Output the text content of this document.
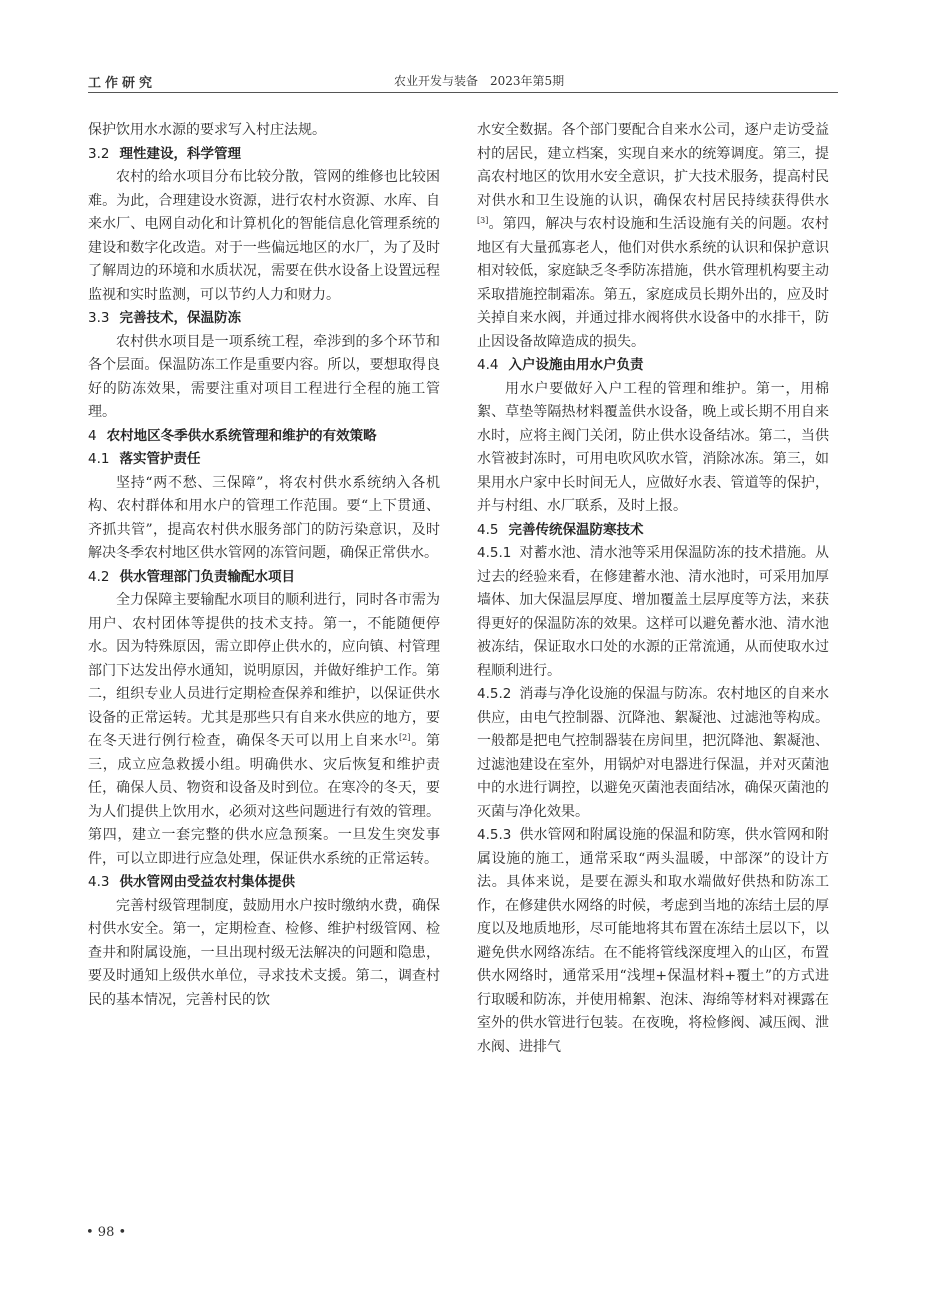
工作研究	农业开发与装备　2023年第5期

保护饮用水水源的要求写入村庄法规。

3.2 理性建设，科学管理

农村的给水项目分布比较分散，管网的维修也比较困难。为此，合理建设水资源，进行农村水资源、水库、自来水厂、电网自动化和计算机化的智能信息化管理系统的建设和数字化改造。对于一些偏远地区的水厂，为了及时了解周边的环境和水质状况，需要在供水设备上设置远程监视和实时监测，可以节约人力和财力。

3.3 完善技术，保温防冻

农村供水项目是一项系统工程，牵涉到的多个环节和各个层面。保温防冻工作是重要内容。所以，要想取得良好的防冻效果，需要注重对项目工程进行全程的施工管理。

4 农村地区冬季供水系统管理和维护的有效策略
4.1 落实管护责任

坚持“两不愁、三保障”，将农村供水系统纳入各机构、农村群体和用水户的管理工作范围。要“上下贯通、齐抓共管”，提高农村供水服务部门的防污染意识，及时解决冬季农村地区供水管网的冻管问题，确保正常供水。

4.2 供水管理部门负责输配水项目

全力保障主要输配水项目的顺利进行，同时各市需为用户、农村团体等提供的技术支持。第一，不能随便停水。因为特殊原因，需立即停止供水的，应向镇、村管理部门下达发出停水通知，说明原因，并做好维护工作。第二，组织专业人员进行定期检查保养和维护，以保证供水设备的正常运转。尤其是那些只有自来水供应的地方，要在冬天进行例行检查，确保冬天可以用上自来水[2]。第三，成立应急救援小组。明确供水、灾后恢复和维护责任，确保人员、物资和设备及时到位。在寒冷的冬天，要为人们提供上饮用水，必须对这些问题进行有效的管理。第四，建立一套完整的供水应急预案。一旦发生突发事件，可以立即进行应急处理，保证供水系统的正常运转。

4.3 供水管网由受益农村集体提供

完善村级管理制度，鼓励用水户按时缴纳水费，确保村供水安全。第一，定期检查、检修、维护村级管网、检查井和附属设施，一旦出现村级无法解决的问题和隐患，要及时通知上级供水单位，寻求技术支援。第二，调查村民的基本情况，完善村民的饮

水安全数据。各个部门要配合自来水公司，逐户走访受益村的居民，建立档案，实现自来水的统筹调度。第三，提高农村地区的饮用水安全意识，扩大技术服务，提高村民对供水和卫生设施的认识，确保农村居民持续获得供水[3]。第四，解决与农村设施和生活设施有关的问题。农村地区有大量孤寡老人，他们对供水系统的认识和保护意识相对较低，家庭缺乏冬季防冻措施，供水管理机构要主动采取措施控制霜冻。第五，家庭成员长期外出的，应及时关掉自来水阀，并通过排水阀将供水设备中的水排干，防止因设备故障造成的损失。

4.4 入户设施由用水户负责

用水户要做好入户工程的管理和维护。第一，用棉絮、草垫等隔热材料覆盖供水设备，晚上或长期不用自来水时，应将主阀门关闭，防止供水设备结冰。第二，当供水管被封冻时，可用电吹风吹水管，消除冰冻。第三，如果用水户家中长时间无人，应做好水表、管道等的保护，并与村组、水厂联系，及时上报。

4.5 完善传统保温防寒技术

4.5.1 对蓄水池、清水池等采用保温防冻的技术措施。从过去的经验来看，在修建蓄水池、清水池时，可采用加厚墙体、加大保温层厚度、增加覆盖土层厚度等方法，来获得更好的保温防冻的效果。这样可以避免蓄水池、清水池被冻结，保证取水口处的水源的正常流通，从而使取水过程顺利进行。

4.5.2 消毒与净化设施的保温与防冻。农村地区的自来水供应，由电气控制器、沉降池、絮凝池、过滤池等构成。一般都是把电气控制器装在房间里，把沉降池、絮凝池、过滤池建设在室外，用锅炉对电器进行保温，并对灭菌池中的水进行调控，以避免灭菌池表面结冰，确保灭菌池的灭菌与净化效果。

4.5.3 供水管网和附属设施的保温和防寒，供水管网和附属设施的施工，通常采取“两头温暖，中部深”的设计方法。具体来说，是要在源头和取水端做好供热和防冻工作，在修建供水网络的时候，考虑到当地的冻结土层的厚度以及地质地形，尽可能地将其布置在冻结土层以下，以避免供水网络冻结。在不能将管线深度埋入的山区，布置供水网络时，通常采用“浅埋+保温材料+覆土”的方式进行取暖和防冻，并使用棉絮、泡沫、海绵等材料对裸露在室外的供水管进行包装。在夜晚，将检修阀、减压阀、泄水阀、进排气

• 98 •
